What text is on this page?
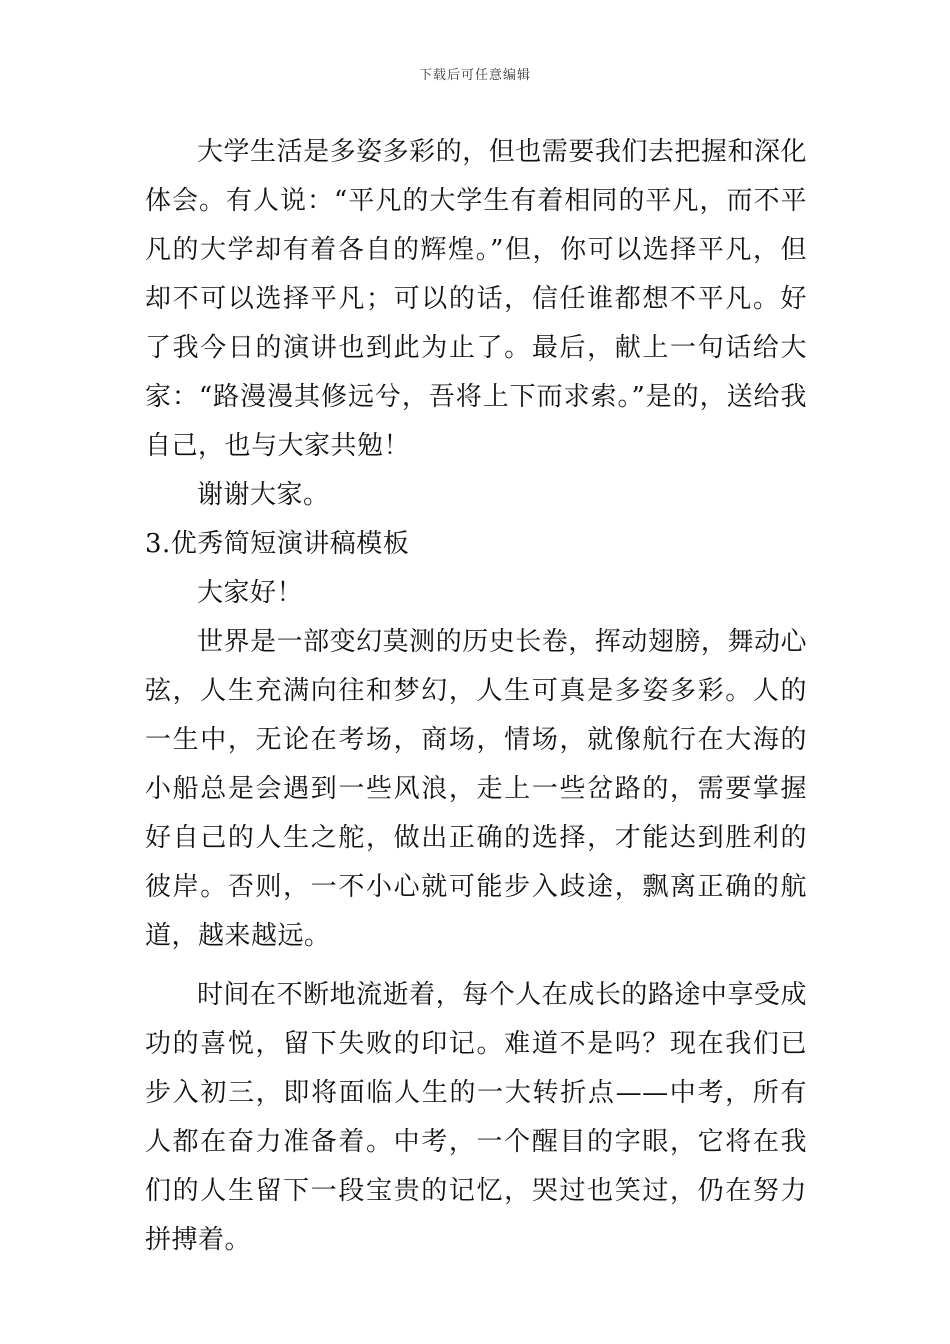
下载后可任意编辑

大学生活是多姿多彩的，但也需要我们去把握和深化体会。有人说：“平凡的大学生有着相同的平凡，而不平凡的大学却有着各自的辉煌。”但，你可以选择平凡，但却不可以选择平凡；可以的话，信任谁都想不平凡。好了我今日的演讲也到此为止了。最后，献上一句话给大家：“路漫漫其修远兮，吾将上下而求索。”是的，送给我自己，也与大家共勉！

谢谢大家。

3.优秀简短演讲稿模板

大家好！

世界是一部变幻莫测的历史长卷，挥动翅膀，舞动心弦，人生充满向往和梦幻，人生可真是多姿多彩。人的一生中，无论在考场，商场，情场，就像航行在大海的小船总是会遇到一些风浪，走上一些岔路的，需要掌握好自己的人生之舵，做出正确的选择，才能达到胜利的彼岸。否则，一不小心就可能步入歧途，飘离正确的航道，越来越远。

时间在不断地流逝着，每个人在成长的路途中享受成功的喜悦，留下失败的印记。难道不是吗？现在我们已步入初三，即将面临人生的一大转折点——中考，所有人都在奋力准备着。中考，一个醒目的字眼，它将在我们的人生留下一段宝贵的记忆，哭过也笑过，仍在努力拼搏着。
